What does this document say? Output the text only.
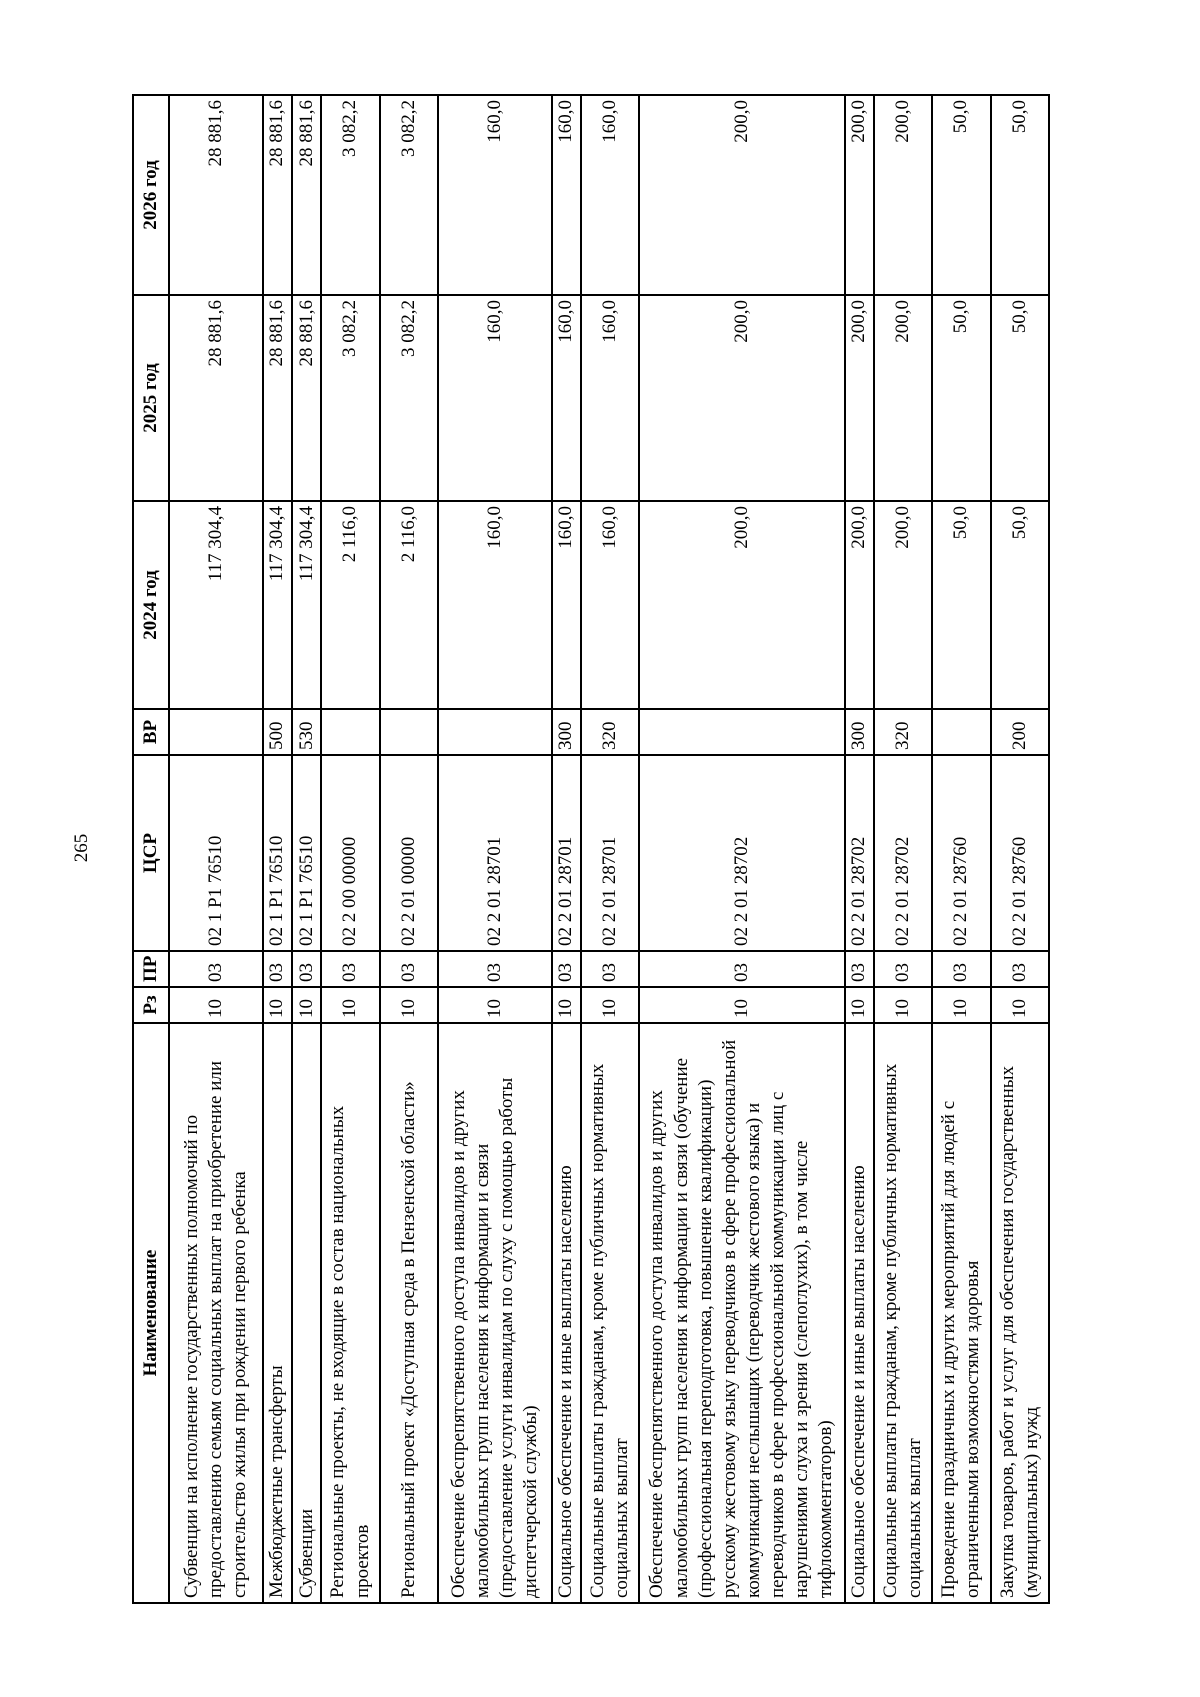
265
Наименование	Рз	ПР	ЦСР	ВР	2024 год	2025 год	2026 год
Субвенции на исполнение государственных полномочий по предоставлению семьям социальных выплат на приобретение или строительство жилья при рождении первого ребенка	10	03	02 1 Р1 76510		117 304,4	28 881,6	28 881,6
Межбюджетные трансферты	10	03	02 1 Р1 76510	500	117 304,4	28 881,6	28 881,6
Субвенции	10	03	02 1 Р1 76510	530	117 304,4	28 881,6	28 881,6
Региональные проекты, не входящие в состав национальных проектов	10	03	02 2 00 00000		2 116,0	3 082,2	3 082,2
Региональный проект «Доступная среда в Пензенской области»	10	03	02 2 01 00000		2 116,0	3 082,2	3 082,2
Обеспечение беспрепятственного доступа инвалидов и других маломобильных групп населения к информации и связи (предоставление услуги инвалидам по слуху с помощью работы диспетчерской службы)	10	03	02 2 01 28701		160,0	160,0	160,0
Социальное обеспечение и иные выплаты населению	10	03	02 2 01 28701	300	160,0	160,0	160,0
Социальные выплаты гражданам, кроме публичных нормативных социальных выплат	10	03	02 2 01 28701	320	160,0	160,0	160,0
Обеспечение беспрепятственного доступа инвалидов и других маломобильных групп населения к информации и связи (обучение (профессиональная переподготовка, повышение квалификации) русскому жестовому языку переводчиков в сфере профессиональной коммуникации неслышащих (переводчик жестового языка) и переводчиков в сфере профессиональной коммуникации лиц с нарушениями слуха и зрения (слепоглухих), в том числе тифлокомментаторов)	10	03	02 2 01 28702		200,0	200,0	200,0
Социальное обеспечение и иные выплаты населению	10	03	02 2 01 28702	300	200,0	200,0	200,0
Социальные выплаты гражданам, кроме публичных нормативных социальных выплат	10	03	02 2 01 28702	320	200,0	200,0	200,0
Проведение праздничных и других мероприятий для людей с ограниченными возможностями здоровья	10	03	02 2 01 28760		50,0	50,0	50,0
Закупка товаров, работ и услуг для обеспечения государственных (муниципальных) нужд	10	03	02 2 01 28760	200	50,0	50,0	50,0
